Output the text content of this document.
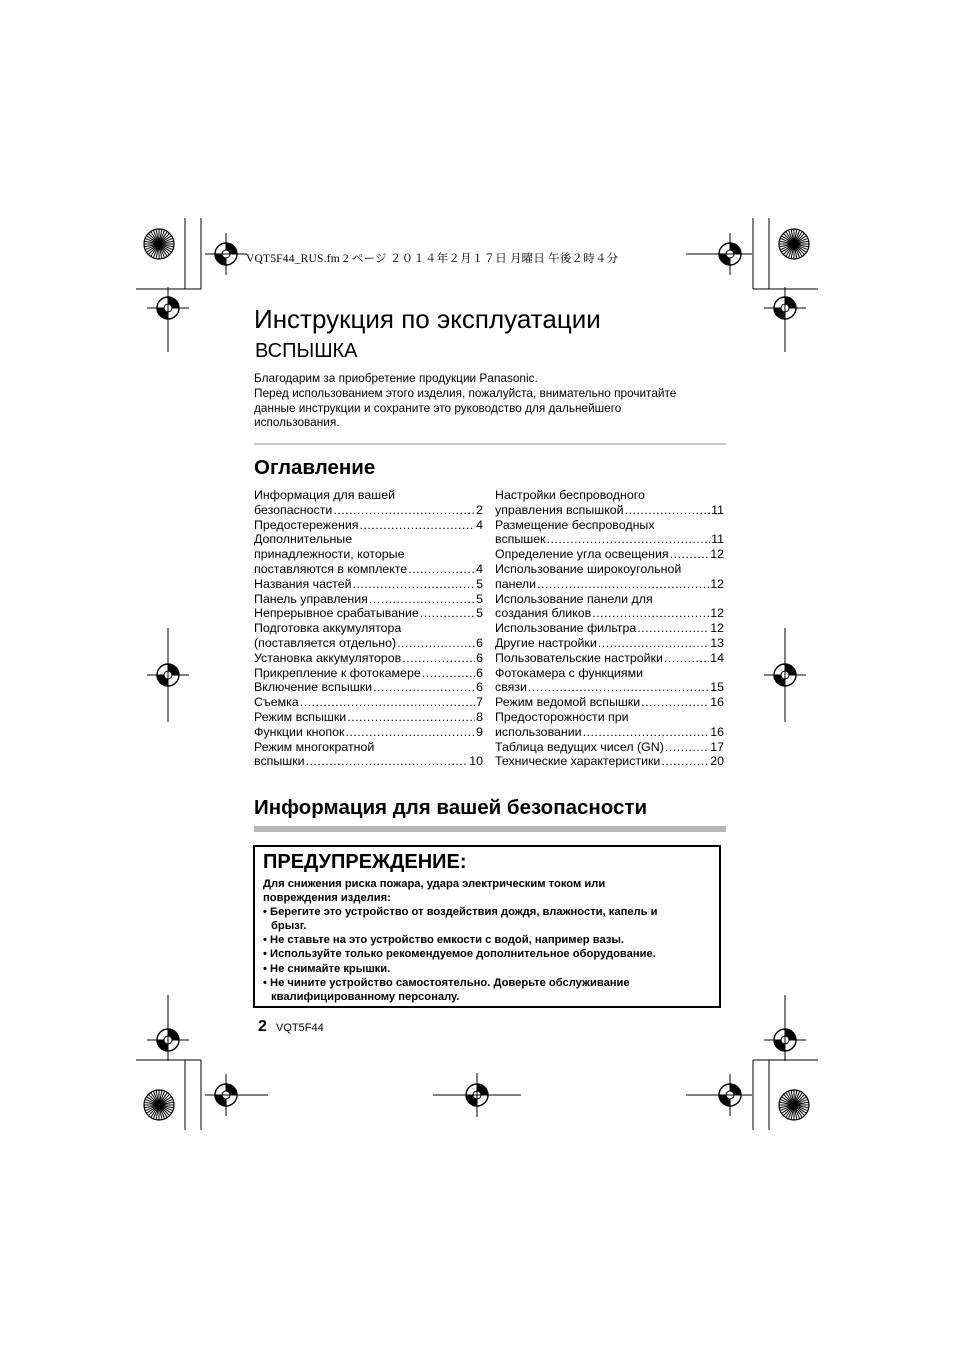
VQT5F44_RUS.fm 2 ページ ２０１４年２月１７日 月曜日 午後２時４分
Инструкция по эксплуатации
ВСПЫШКА
Благодарим за приобретение продукции Panasonic.
Перед использованием этого изделия, пожалуйста, внимательно прочитайте
данные инструкции и сохраните это руководство для дальнейшего
использования.
Оглавление
Информация для вашей
безопасности .....	2
Предостережения .....	4
Дополнительные
принадлежности, которые
поставляются в комплекте .....	4
Названия частей .....	5
Панель управления .....	5
Непрерывное срабатывание .....	5
Подготовка аккумулятора
(поставляется отдельно) .....	6
Установка аккумуляторов .....	6
Прикрепление к фотокамере .....	6
Включение вспышки .....	6
Съемка .....	7
Режим вспышки .....	8
Функции кнопок .....	9
Режим многократной
вспышки .....	10
Настройки беспроводного
управления вспышкой .....	11
Размещение беспроводных
вспышек .....	11
Определение угла освещения .....	12
Использование широкоугольной
панели .....	12
Использование панели для
создания бликов .....	12
Использование фильтра .....	12
Другие настройки .....	13
Пользовательские настройки .....	14
Фотокамера с функциями
связи .....	15
Режим ведомой вспышки .....	16
Предосторожности при
использовании .....	16
Таблица ведущих чисел (GN) .....	17
Технические характеристики .....	20
Информация для вашей безопасности
ПРЕДУПРЕЖДЕНИЕ:
Для снижения риска пожара, удара электрическим током или
повреждения изделия:
• Берегите это устройство от воздействия дождя, влажности, капель и
брызг.
• Не ставьте на это устройство емкости с водой, например вазы.
• Используйте только рекомендуемое дополнительное оборудование.
• Не снимайте крышки.
• Не чините устройство самостоятельно. Доверьте обслуживание
квалифицированному персоналу.
2 VQT5F44
